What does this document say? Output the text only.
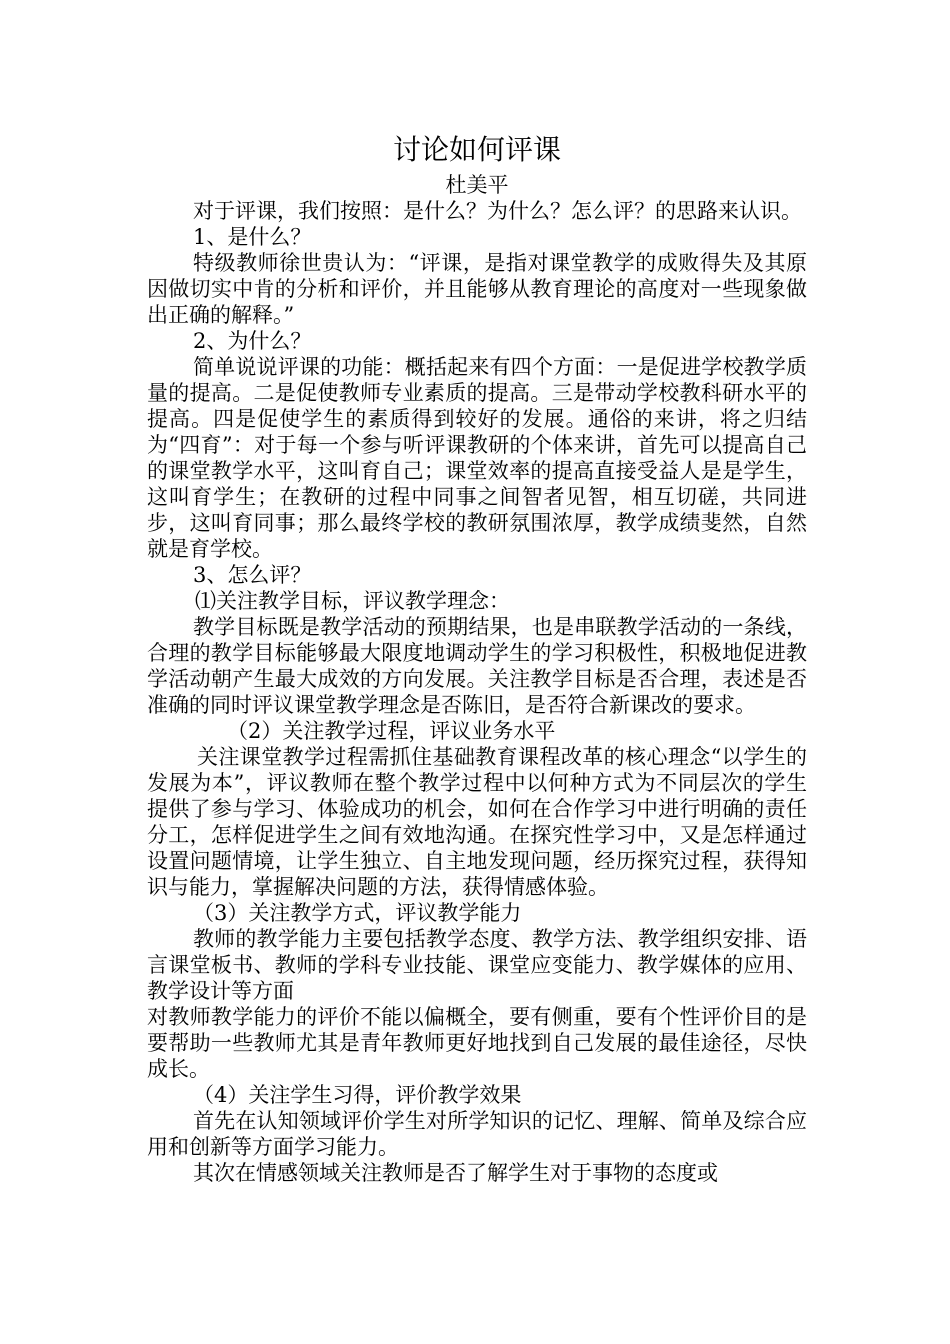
讨论如何评课
杜美平

对于评课，我们按照：是什么？为什么？怎么评？的思路来认识。

1、是什么？

特级教师徐世贵认为：“评课，是指对课堂教学的成败得失及其原因做切实中肯的分析和评价，并且能够从教育理论的高度对一些现象做出正确的解释。”

2、为什么？

简单说说评课的功能：概括起来有四个方面：一是促进学校教学质量的提高。二是促使教师专业素质的提高。三是带动学校教科研水平的提高。四是促使学生的素质得到较好的发展。通俗的来讲，将之归结为“四育”：对于每一个参与听评课教研的个体来讲，首先可以提高自己的课堂教学水平，这叫育自己；课堂效率的提高直接受益人是是学生，这叫育学生；在教研的过程中同事之间智者见智，相互切磋，共同进步，这叫育同事；那么最终学校的教研氛围浓厚，教学成绩斐然，自然就是育学校。

3、怎么评？

⑴关注教学目标，评议教学理念：

教学目标既是教学活动的预期结果，也是串联教学活动的一条线，合理的教学目标能够最大限度地调动学生的学习积极性，积极地促进教学活动朝产生最大成效的方向发展。关注教学目标是否合理，表述是否准确的同时评议课堂教学理念是否陈旧，是否符合新课改的要求。

（2）关注教学过程，评议业务水平

关注课堂教学过程需抓住基础教育课程改革的核心理念“以学生的发展为本”，评议教师在整个教学过程中以何种方式为不同层次的学生提供了参与学习、体验成功的机会，如何在合作学习中进行明确的责任分工，怎样促进学生之间有效地沟通。在探究性学习中，又是怎样通过设置问题情境，让学生独立、自主地发现问题，经历探究过程，获得知识与能力，掌握解决问题的方法，获得情感体验。

（3）关注教学方式，评议教学能力

教师的教学能力主要包括教学态度、教学方法、教学组织安排、语言课堂板书、教师的学科专业技能、课堂应变能力、教学媒体的应用、教学设计等方面

对教师教学能力的评价不能以偏概全，要有侧重，要有个性评价目的是要帮助一些教师尤其是青年教师更好地找到自己发展的最佳途径，尽快成长。

（4）关注学生习得，评价教学效果

首先在认知领域评价学生对所学知识的记忆、理解、简单及综合应用和创新等方面学习能力。

其次在情感领域关注教师是否了解学生对于事物的态度或
